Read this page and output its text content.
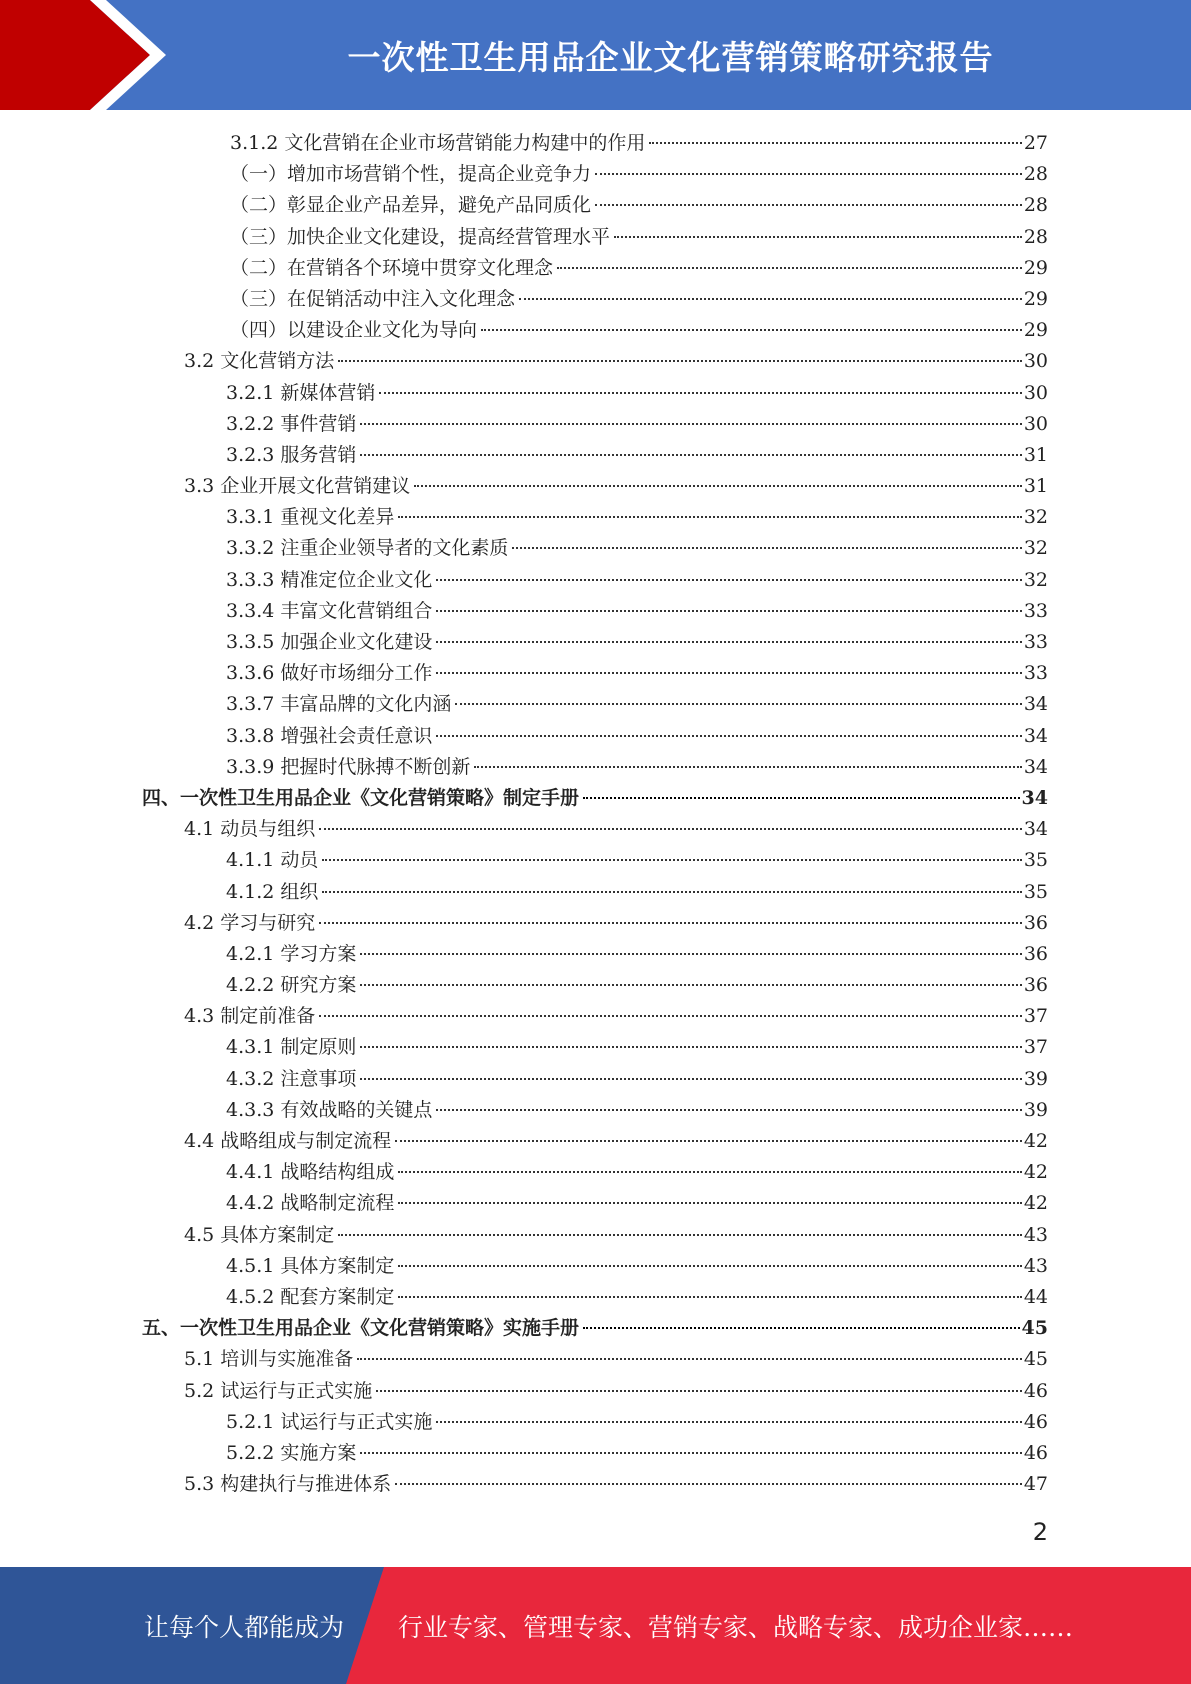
一次性卫生用品企业文化营销策略研究报告
3.1.2 文化营销在企业市场营销能力构建中的作用	27
（一）增加市场营销个性，提高企业竞争力	28
（二）彰显企业产品差异，避免产品同质化	28
（三）加快企业文化建设，提高经营管理水平	28
（二）在营销各个环境中贯穿文化理念	29
（三）在促销活动中注入文化理念	29
（四）以建设企业文化为导向	29
3.2 文化营销方法	30
3.2.1 新媒体营销	30
3.2.2 事件营销	30
3.2.3 服务营销	31
3.3 企业开展文化营销建议	31
3.3.1 重视文化差异	32
3.3.2 注重企业领导者的文化素质	32
3.3.3 精准定位企业文化	32
3.3.4 丰富文化营销组合	33
3.3.5 加强企业文化建设	33
3.3.6 做好市场细分工作	33
3.3.7 丰富品牌的文化内涵	34
3.3.8 增强社会责任意识	34
3.3.9 把握时代脉搏不断创新	34
四、一次性卫生用品企业《文化营销策略》制定手册	34
4.1 动员与组织	34
4.1.1 动员	35
4.1.2 组织	35
4.2 学习与研究	36
4.2.1 学习方案	36
4.2.2 研究方案	36
4.3 制定前准备	37
4.3.1 制定原则	37
4.3.2 注意事项	39
4.3.3 有效战略的关键点	39
4.4 战略组成与制定流程	42
4.4.1 战略结构组成	42
4.4.2 战略制定流程	42
4.5 具体方案制定	43
4.5.1 具体方案制定	43
4.5.2 配套方案制定	44
五、一次性卫生用品企业《文化营销策略》实施手册	45
5.1 培训与实施准备	45
5.2 试运行与正式实施	46
5.2.1 试运行与正式实施	46
5.2.2 实施方案	46
5.3 构建执行与推进体系	47
2
让每个人都能成为 行业专家、管理专家、营销专家、战略专家、成功企业家……
